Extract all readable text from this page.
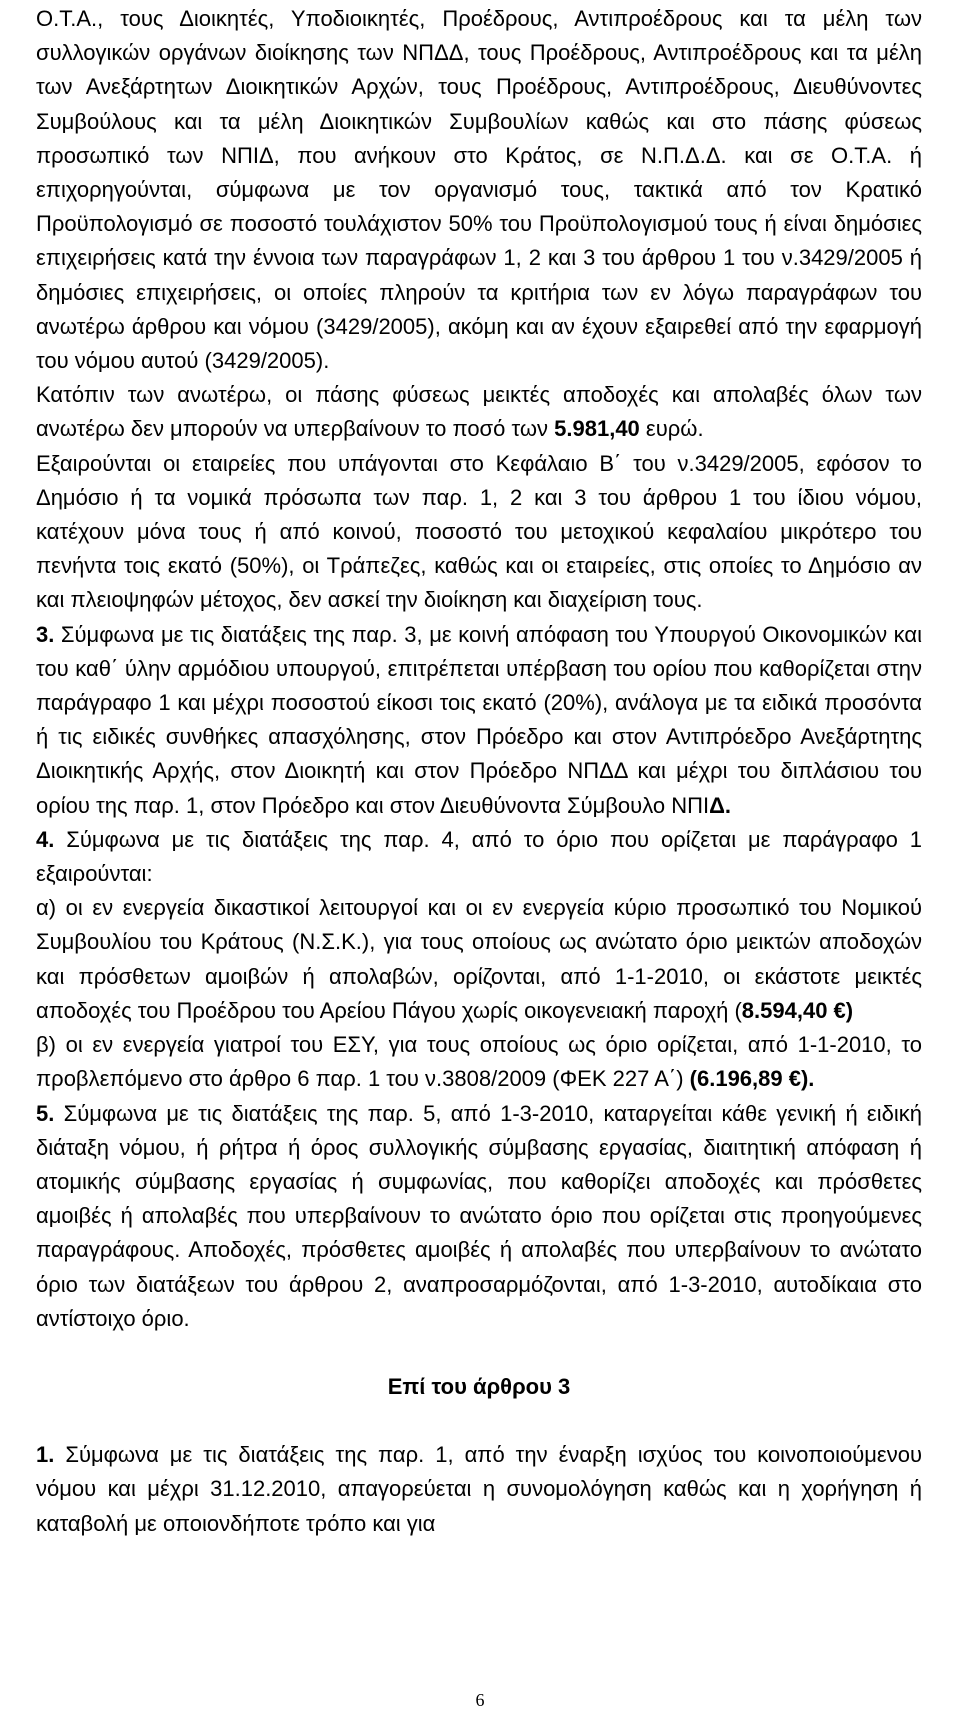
Ο.Τ.Α., τους Διοικητές, Υποδιοικητές, Προέδρους, Αντιπροέδρους και τα μέλη των συλλογικών οργάνων διοίκησης των ΝΠΔΔ, τους Προέδρους, Αντιπροέδρους και τα μέλη των Ανεξάρτητων Διοικητικών Αρχών, τους Προέδρους, Αντιπροέδρους, Διευθύνοντες Συμβούλους και τα μέλη Διοικητικών Συμβουλίων καθώς και στο πάσης φύσεως προσωπικό των ΝΠΙΔ, που ανήκουν στο Κράτος, σε Ν.Π.Δ.Δ. και σε Ο.Τ.Α. ή επιχορηγούνται, σύμφωνα με τον οργανισμό τους, τακτικά από τον Κρατικό Προϋπολογισμό σε ποσοστό τουλάχιστον 50% του Προϋπολογισμού τους ή είναι δημόσιες επιχειρήσεις κατά την έννοια των παραγράφων 1, 2 και 3 του άρθρου 1 του ν.3429/2005 ή δημόσιες επιχειρήσεις, οι οποίες πληρούν τα κριτήρια των εν λόγω παραγράφων του ανωτέρω άρθρου και νόμου (3429/2005), ακόμη και αν έχουν εξαιρεθεί από την εφαρμογή του νόμου αυτού (3429/2005).

Κατόπιν των ανωτέρω, οι πάσης φύσεως μεικτές αποδοχές και απολαβές όλων των ανωτέρω δεν μπορούν να υπερβαίνουν το ποσό των 5.981,40 ευρώ.

Εξαιρούνται οι εταιρείες που υπάγονται στο Κεφάλαιο Β΄ του ν.3429/2005, εφόσον το Δημόσιο ή τα νομικά πρόσωπα των παρ. 1, 2 και 3 του άρθρου 1 του ίδιου νόμου, κατέχουν μόνα τους ή από κοινού, ποσοστό του μετοχικού κεφαλαίου μικρότερο του πενήντα τοις εκατό (50%), οι Τράπεζες, καθώς και οι εταιρείες, στις οποίες το Δημόσιο αν και πλειοψηφών μέτοχος, δεν ασκεί την διοίκηση και διαχείριση τους.

3. Σύμφωνα με τις διατάξεις της παρ. 3, με κοινή απόφαση του Υπουργού Οικονομικών και του καθ΄ ύλην αρμόδιου υπουργού, επιτρέπεται υπέρβαση του ορίου που καθορίζεται στην παράγραφο 1 και μέχρι ποσοστού είκοσι τοις εκατό (20%), ανάλογα με τα ειδικά προσόντα ή τις ειδικές συνθήκες απασχόλησης, στον Πρόεδρο και στον Αντιπρόεδρο Ανεξάρτητης Διοικητικής Αρχής, στον Διοικητή και στον Πρόεδρο ΝΠΔΔ και μέχρι του διπλάσιου του ορίου της παρ. 1, στον Πρόεδρο και στον Διευθύνοντα Σύμβουλο ΝΠΙΔ.

4. Σύμφωνα με τις διατάξεις της παρ. 4, από το όριο που ορίζεται με παράγραφο 1 εξαιρούνται:

α) οι εν ενεργεία δικαστικοί λειτουργοί και οι εν ενεργεία κύριο προσωπικό του Νομικού Συμβουλίου του Κράτους (Ν.Σ.Κ.), για τους οποίους ως ανώτατο όριο μεικτών αποδοχών και πρόσθετων αμοιβών ή απολαβών, ορίζονται, από 1-1-2010, οι εκάστοτε μεικτές αποδοχές του Προέδρου του Αρείου Πάγου χωρίς οικογενειακή παροχή (8.594,40 €)

β) οι εν ενεργεία γιατροί του ΕΣΥ, για τους οποίους ως όριο ορίζεται, από 1-1-2010, το προβλεπόμενο στο άρθρο 6 παρ. 1 του ν.3808/2009 (ΦΕΚ 227 Α΄) (6.196,89 €).

5. Σύμφωνα με τις διατάξεις της παρ. 5, από 1-3-2010, καταργείται κάθε γενική ή ειδική διάταξη νόμου, ή ρήτρα ή όρος συλλογικής σύμβασης εργασίας, διαιτητική απόφαση ή ατομικής σύμβασης εργασίας ή συμφωνίας, που καθορίζει αποδοχές και πρόσθετες αμοιβές ή απολαβές που υπερβαίνουν το ανώτατο όριο που ορίζεται στις προηγούμενες παραγράφους. Αποδοχές, πρόσθετες αμοιβές ή απολαβές που υπερβαίνουν το ανώτατο όριο των διατάξεων του άρθρου 2, αναπροσαρμόζονται, από 1-3-2010, αυτοδίκαια στο αντίστοιχο όριο.

Επί του άρθρου 3

1. Σύμφωνα με τις διατάξεις της παρ. 1, από την έναρξη ισχύος του κοινοποιούμενου νόμου και μέχρι 31.12.2010, απαγορεύεται η συνομολόγηση καθώς και η χορήγηση ή καταβολή με οποιονδήποτε τρόπο και για

6
